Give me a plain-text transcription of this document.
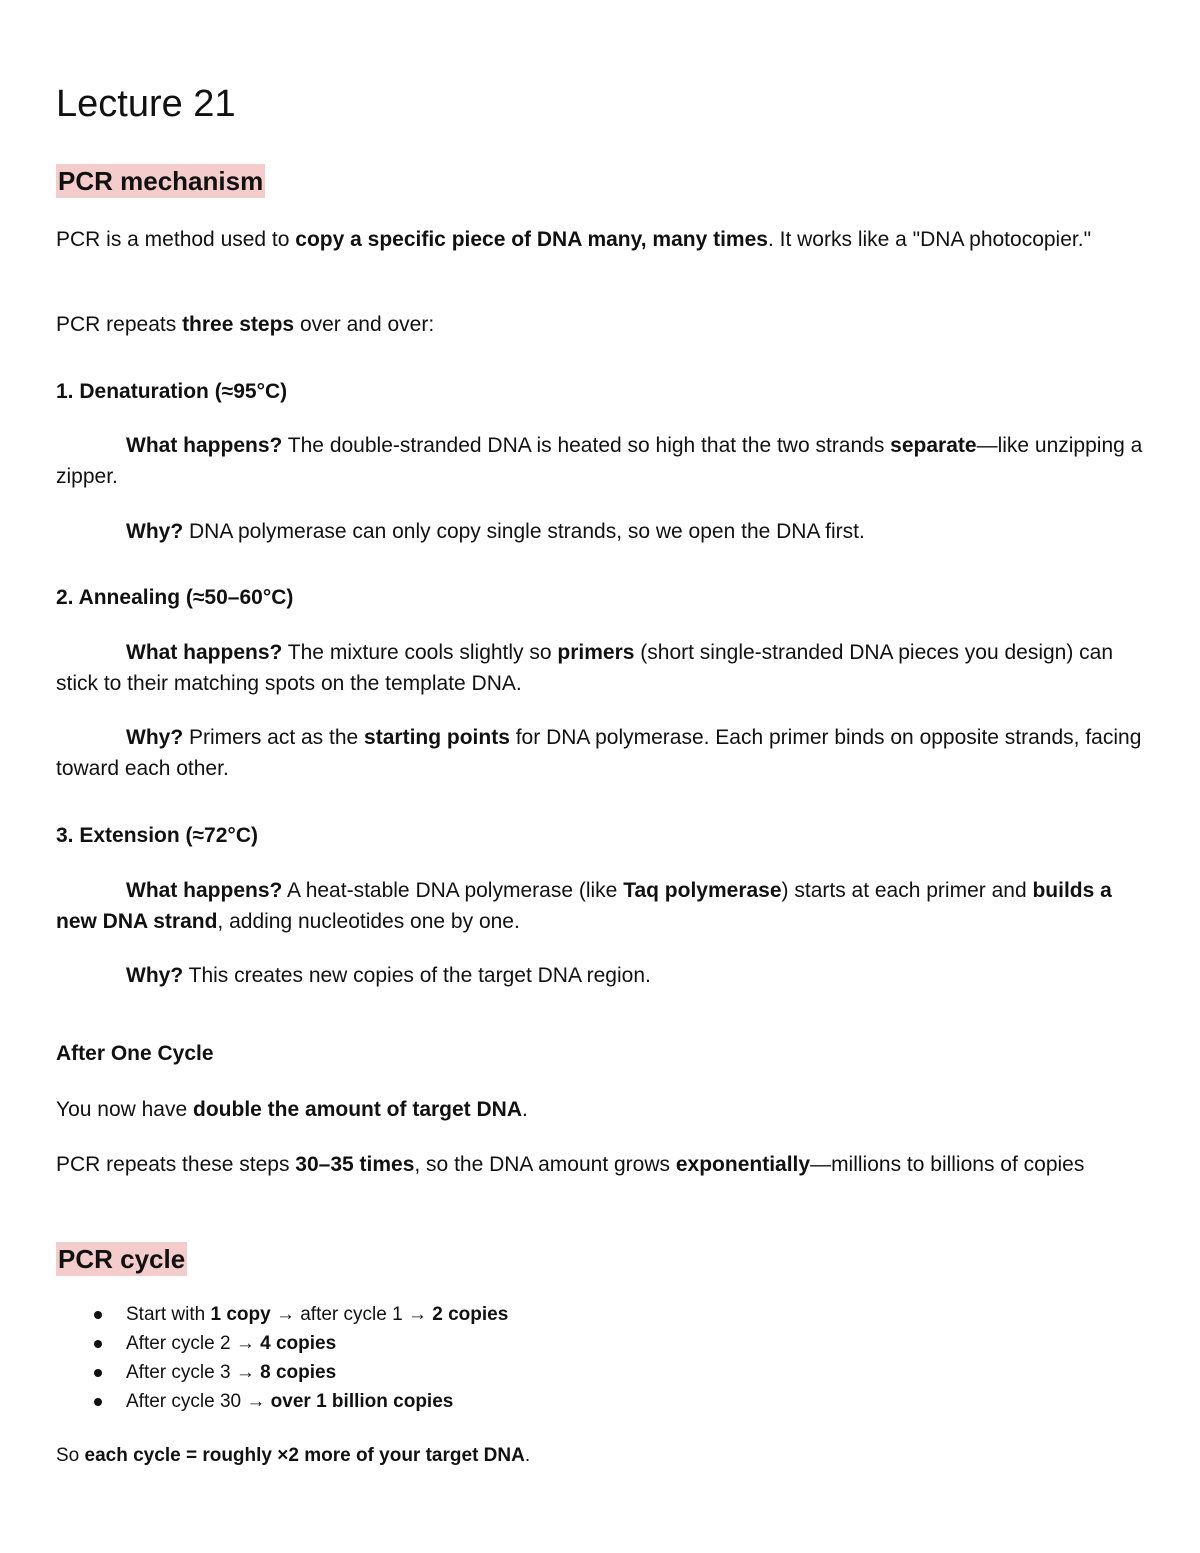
Lecture 21
PCR mechanism

PCR is a method used to copy a specific piece of DNA many, many times. It works like a "DNA photocopier."

PCR repeats three steps over and over:

1. Denaturation (≈95°C)

What happens? The double-stranded DNA is heated so high that the two strands separate—like unzipping a zipper.

Why? DNA polymerase can only copy single strands, so we open the DNA first.

2. Annealing (≈50–60°C)

What happens? The mixture cools slightly so primers (short single-stranded DNA pieces you design) can stick to their matching spots on the template DNA.

Why? Primers act as the starting points for DNA polymerase. Each primer binds on opposite strands, facing toward each other.

3. Extension (≈72°C)

What happens? A heat-stable DNA polymerase (like Taq polymerase) starts at each primer and builds a new DNA strand, adding nucleotides one by one.

Why? This creates new copies of the target DNA region.

After One Cycle

You now have double the amount of target DNA.

PCR repeats these steps 30–35 times, so the DNA amount grows exponentially—millions to billions of copies

PCR cycle
Start with 1 copy → after cycle 1 → 2 copies
After cycle 2 → 4 copies
After cycle 3 → 8 copies
After cycle 30 → over 1 billion copies

So each cycle = roughly ×2 more of your target DNA.
